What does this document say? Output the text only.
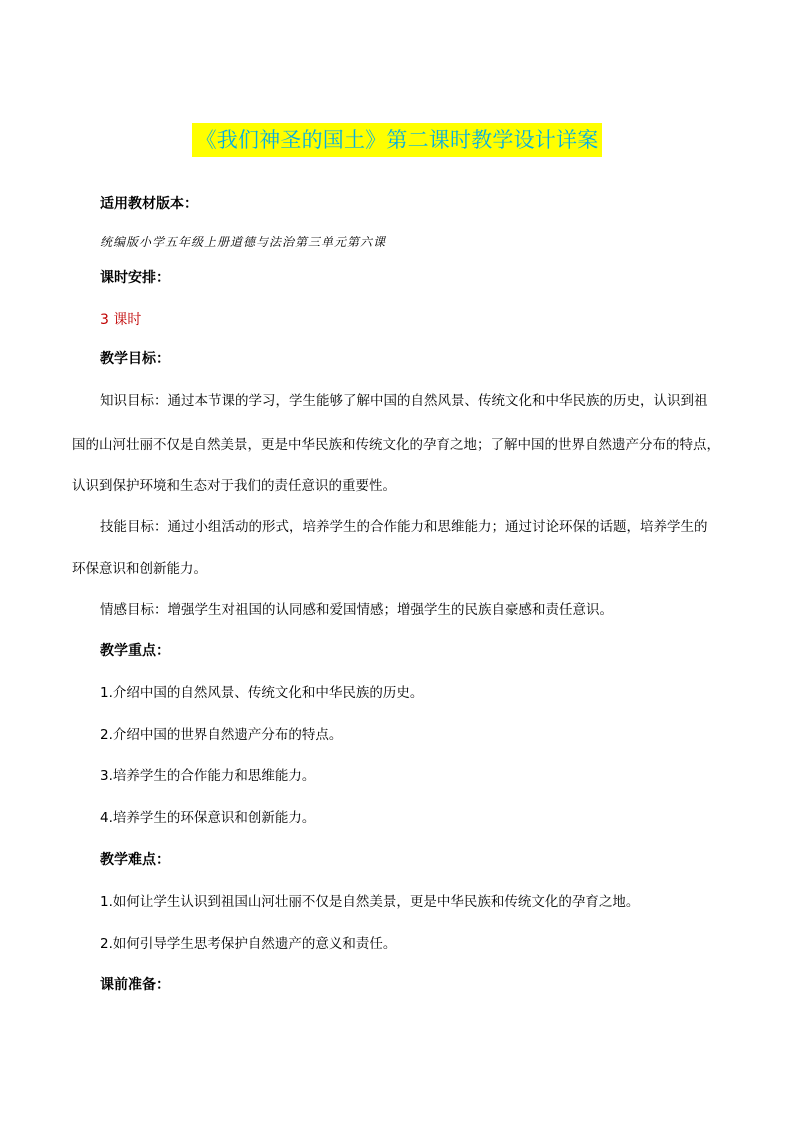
《我们神圣的国土》第二课时教学设计详案
适用教材版本：
统编版小学五年级上册道德与法治第三单元第六课
课时安排：
3 课时
教学目标：
知识目标：通过本节课的学习，学生能够了解中国的自然风景、传统文化和中华民族的历史，认识到祖
国的山河壮丽不仅是自然美景，更是中华民族和传统文化的孕育之地；了解中国的世界自然遗产分布的特点，
认识到保护环境和生态对于我们的责任意识的重要性。
技能目标：通过小组活动的形式，培养学生的合作能力和思维能力；通过讨论环保的话题，培养学生的
环保意识和创新能力。
情感目标：增强学生对祖国的认同感和爱国情感；增强学生的民族自豪感和责任意识。
教学重点：
1.介绍中国的自然风景、传统文化和中华民族的历史。
2.介绍中国的世界自然遗产分布的特点。
3.培养学生的合作能力和思维能力。
4.培养学生的环保意识和创新能力。
教学难点：
1.如何让学生认识到祖国山河壮丽不仅是自然美景，更是中华民族和传统文化的孕育之地。
2.如何引导学生思考保护自然遗产的意义和责任。
课前准备：
